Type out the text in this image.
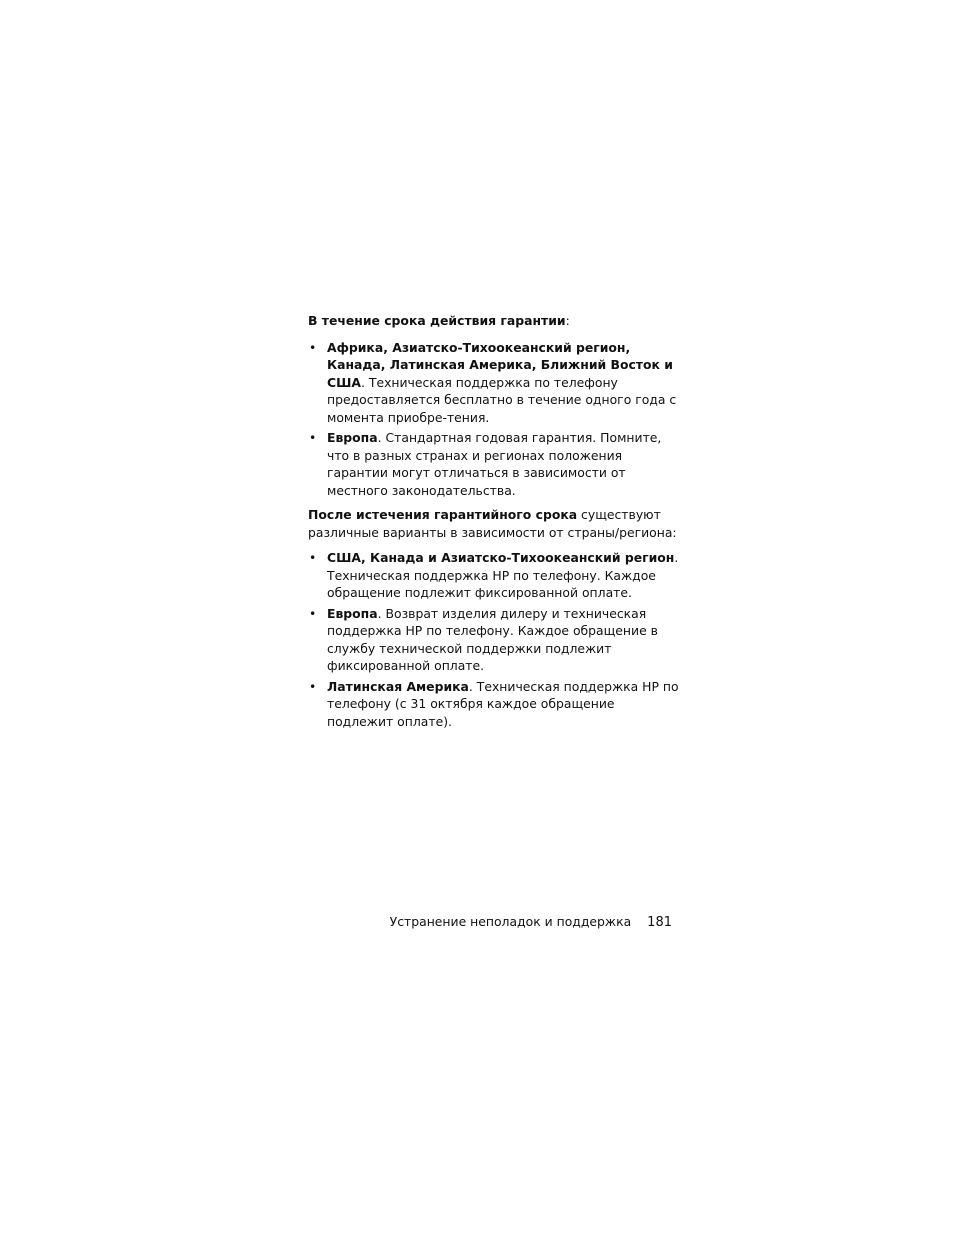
В течение срока действия гарантии:

• Африка, Азиатско-Тихоокеанский регион, Канада, Латинская Америка, Ближний Восток и США. Техническая поддержка по телефону предоставляется бесплатно в течение одного года с момента приобре-тения.
• Европа. Стандартная годовая гарантия. Помните, что в разных странах и регионах положения гарантии могут отличаться в зависимости от местного законодательства.

После истечения гарантийного срока существуют различные варианты в зависимости от страны/региона:

• США, Канада и Азиатско-Тихоокеанский регион. Техническая поддержка HP по телефону. Каждое обращение подлежит фиксированной оплате.
• Европа. Возврат изделия дилеру и техническая поддержка HP по телефону. Каждое обращение в службу технической поддержки подлежит фиксированной оплате.
• Латинская Америка. Техническая поддержка HP по телефону (с 31 октября каждое обращение подлежит оплате).
Устранение неполадок и поддержка 181
